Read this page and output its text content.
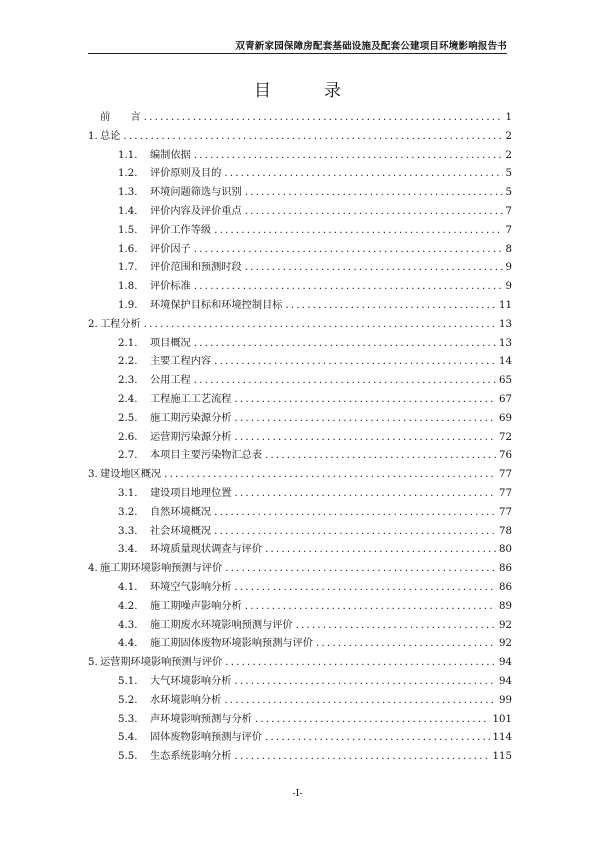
双青新家园保障房配套基础设施及配套公建项目环境影响报告书
目　录
前　　言 .....	1
1. 总论 .....	2
1.1.	编制依据 .....	2
1.2.	评价原则及目的 .....	5
1.3.	环境问题筛选与识别 .....	5
1.4.	评价内容及评价重点 .....	7
1.5.	评价工作等级 .....	7
1.6.	评价因子 .....	8
1.7.	评价范围和预测时段 .....	9
1.8.	评价标准 .....	9
1.9.	环境保护目标和环境控制目标 .....	11
2. 工程分析 .....	13
2.1.	项目概况 .....	13
2.2.	主要工程内容 .....	14
2.3.	公用工程 .....	65
2.4.	工程施工工艺流程 .....	67
2.5.	施工期污染源分析 .....	69
2.6.	运营期污染源分析 .....	72
2.7.	本项目主要污染物汇总表 .....	76
3. 建设地区概况 .....	77
3.1.	建设项目地理位置 .....	77
3.2.	自然环境概况 .....	77
3.3.	社会环境概况 .....	78
3.4.	环境质量现状调查与评价 .....	80
4. 施工期环境影响预测与评价 .....	86
4.1.	环境空气影响分析 .....	86
4.2.	施工期噪声影响分析 .....	89
4.3.	施工期废水环境影响预测与评价 .....	92
4.4.	施工期固体废物环境影响预测与评价 .....	92
5. 运营期环境影响预测与评价 .....	94
5.1.	大气环境影响分析 .....	94
5.2.	水环境影响分析 .....	99
5.3.	声环境影响预测与分析 .....	101
5.4.	固体废物影响预测与评价 .....	114
5.5.	生态系统影响分析 .....	115
-I-
